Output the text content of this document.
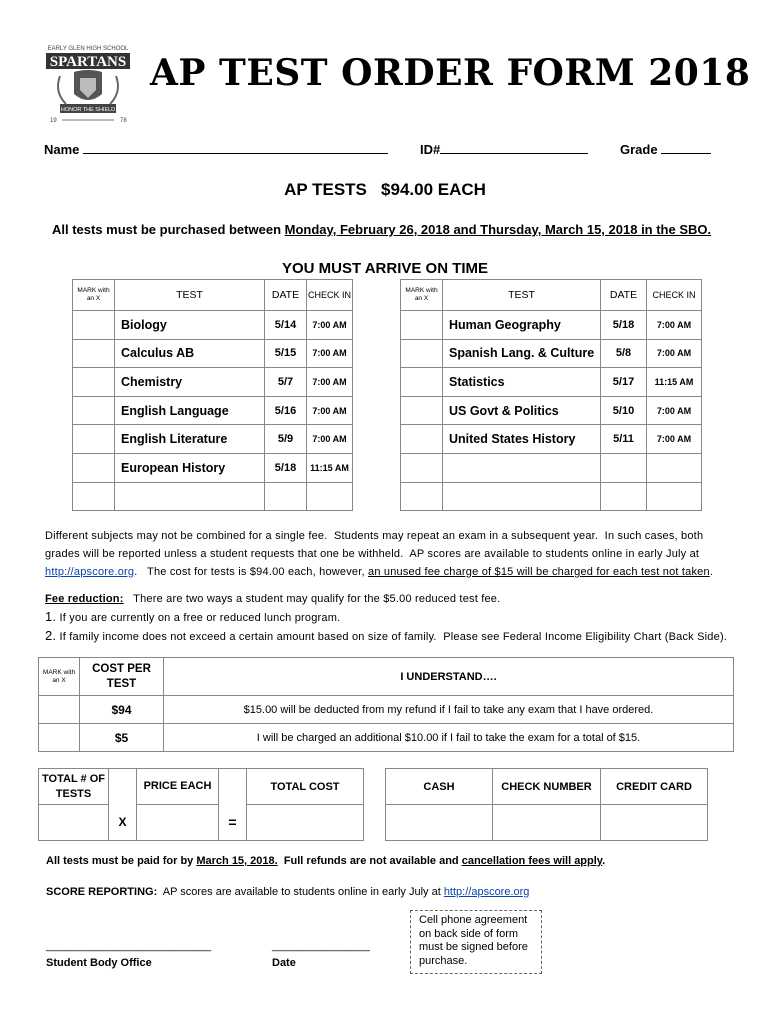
EARLY GLEN HIGH SCHOOL
SPARTANS
HONOR THE SHIELD
19	78
AP TEST ORDER FORM 2018
Name	ID#	Grade
AP TESTS   $94.00 EACH
All tests must be purchased between Monday, February 26, 2018 and Thursday, March 15, 2018 in the SBO.
YOU MUST ARRIVE ON TIME
MARK with an X	TEST	DATE	CHECK IN
	Biology	5/14	7:00 AM
	Calculus AB	5/15	7:00 AM
	Chemistry	5/7	7:00 AM
	English Language	5/16	7:00 AM
	English Literature	5/9	7:00 AM
	European History	5/18	11:15 AM

MARK with an X	TEST	DATE	CHECK IN
	Human Geography	5/18	7:00 AM
	Spanish Lang. & Culture	5/8	7:00 AM
	Statistics	5/17	11:15 AM
	US Govt & Politics	5/10	7:00 AM
	United States History	5/11	7:00 AM

Different subjects may not be combined for a single fee.  Students may repeat an exam in a subsequent year.  In such cases, both
grades will be reported unless a student requests that one be withheld.  AP scores are available to students online in early July at
http://apscore.org.   The cost for tests is $94.00 each, however, an unused fee charge of $15 will be charged for each test not taken.
Fee reduction:   There are two ways a student may qualify for the $5.00 reduced test fee.
1. If you are currently on a free or reduced lunch program.
2. If family income does not exceed a certain amount based on size of family.  Please see Federal Income Eligibility Chart (Back Side).
MARK with an X	COST PER TEST	I UNDERSTAND….
	$94	$15.00 will be deducted from my refund if I fail to take any exam that I have ordered.
	$5	I will be charged an additional $10.00 if I fail to take the exam for a total of $15.
TOTAL # OF TESTS		PRICE EACH		TOTAL COST
	X		=	
CASH	CHECK NUMBER	CREDIT CARD

All tests must be paid for by March 15, 2018.  Full refunds are not available and cancellation fees will apply.
SCORE REPORTING:  AP scores are available to students online in early July at http://apscore.org
Cell phone agreement on back side of form must be signed before purchase.
___________________________
Student Body Office
________________
Date
